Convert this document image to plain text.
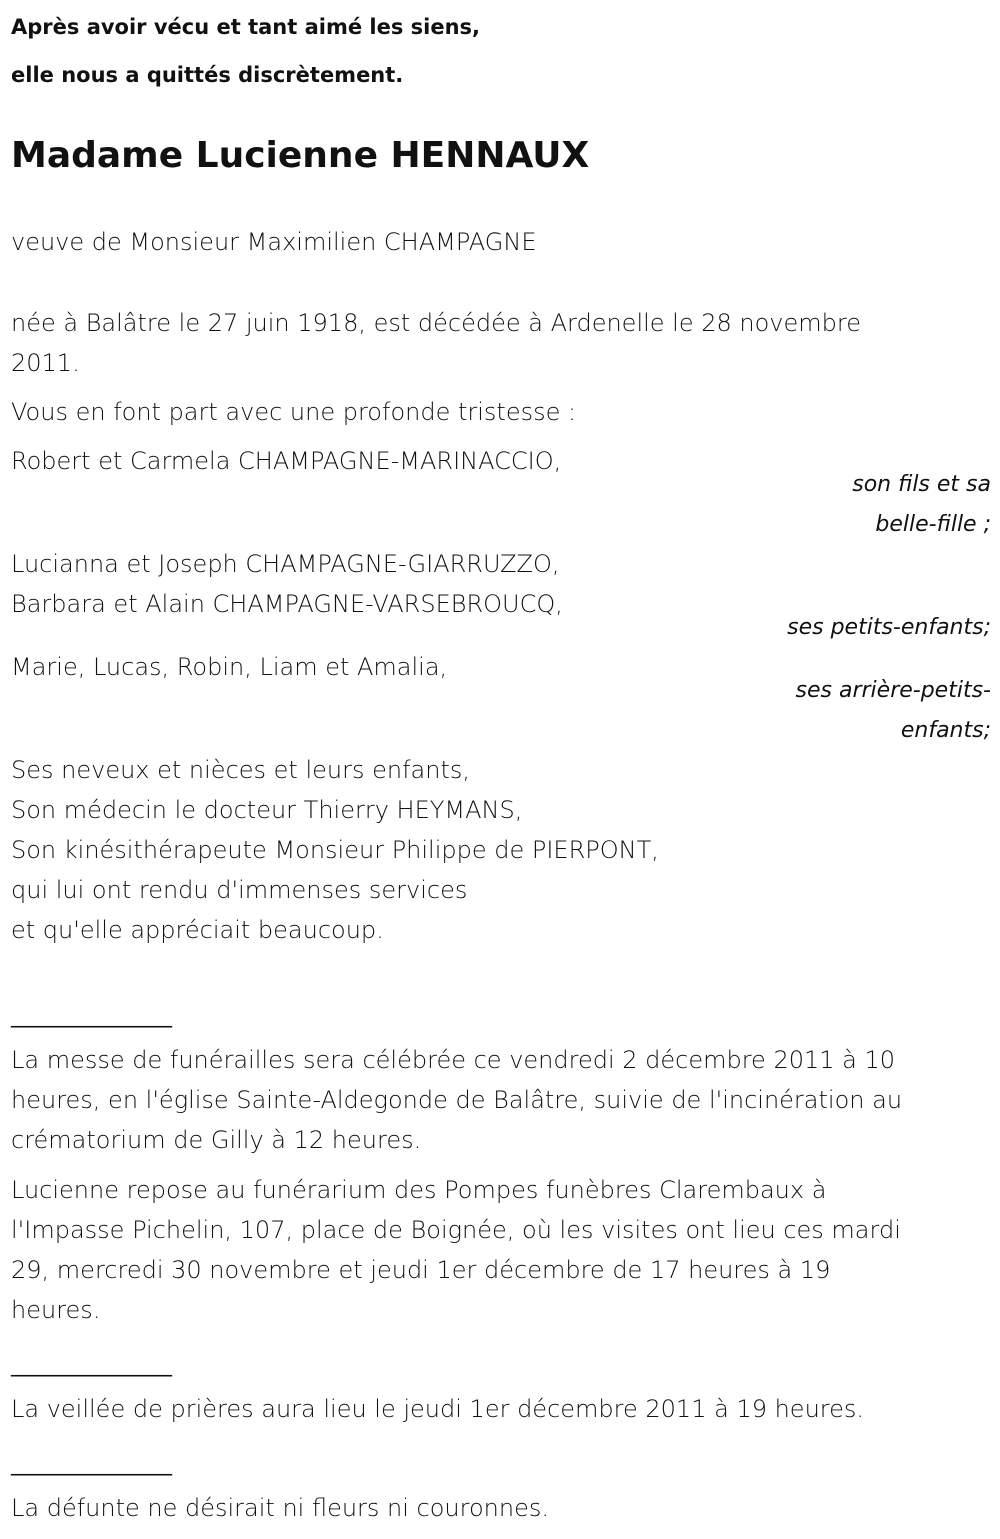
Après avoir vécu et tant aimé les siens,
elle nous a quittés discrètement.
Madame Lucienne HENNAUX
veuve de Monsieur Maximilien CHAMPAGNE
née à Balâtre le 27 juin 1918, est décédée à Ardenelle le 28 novembre
2011.
Vous en font part avec une profonde tristesse :
Robert et Carmela CHAMPAGNE-MARINACCIO,
son fils et sa
belle-fille ;
Lucianna et Joseph CHAMPAGNE-GIARRUZZO,
Barbara et Alain CHAMPAGNE-VARSEBROUCQ,
ses petits-enfants;
Marie, Lucas, Robin, Liam et Amalia,
ses arrière-petits-
enfants;
Ses neveux et nièces et leurs enfants,
Son médecin le docteur Thierry HEYMANS,
Son kinésithérapeute Monsieur Philippe de PIERPONT,
qui lui ont rendu d'immenses services
et qu'elle appréciait beaucoup.
________________
La messe de funérailles sera célébrée ce vendredi 2 décembre 2011 à 10
heures, en l'église Sainte-Aldegonde de Balâtre, suivie de l'incinération au
crématorium de Gilly à 12 heures.
Lucienne repose au funérarium des Pompes funèbres Clarembaux à
l'Impasse Pichelin, 107, place de Boignée, où les visites ont lieu ces mardi
29, mercredi 30 novembre et jeudi 1er décembre de 17 heures à 19
heures.
________________
La veillée de prières aura lieu le jeudi 1er décembre 2011 à 19 heures.
________________
La défunte ne désirait ni fleurs ni couronnes.
